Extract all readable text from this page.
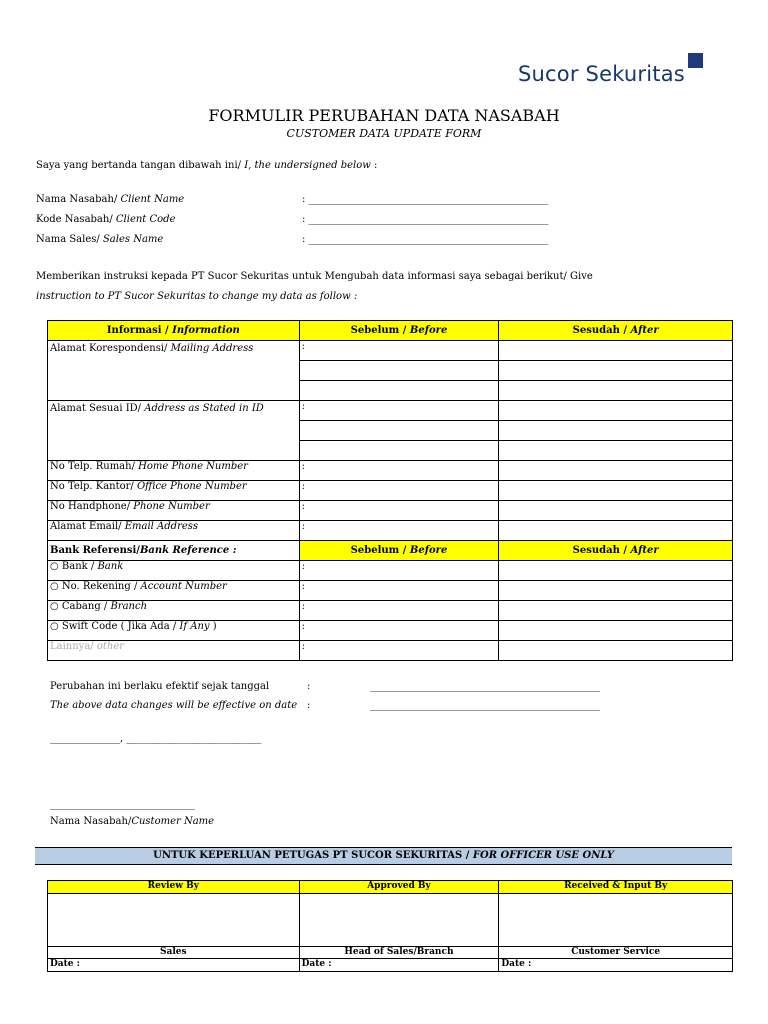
Sucor Sekuritas
FORMULIR PERUBAHAN DATA NASABAH
CUSTOMER DATA UPDATE FORM
Saya yang bertanda tangan dibawah ini/ I, the undersigned below :
Nama Nasabah/ Client Name	: ________________________________________________
Kode Nasabah/ Client Code	: ________________________________________________
Nama Sales/ Sales Name	: ________________________________________________
Memberikan instruksi kepada PT Sucor Sekuritas untuk Mengubah data informasi saya sebagai berikut/ Give
instruction to PT Sucor Sekuritas to change my data as follow :
Informasi / Information	Sebelum / Before	Sesudah / After
Alamat Korespondensi/ Mailing Address	:	

Alamat Sesuai ID/ Address as Stated in ID	:	

No Telp. Rumah/ Home Phone Number	:	
No Telp. Kantor/ Office Phone Number	:	
No Handphone/ Phone Number	:	
Alamat Email/ Email Address	:	
Bank Referensi/Bank Reference :	Sebelum / Before	Sesudah / After
○ Bank / Bank	:	
○ No. Rekening / Account Number	:	
○ Cabang / Branch	:	
○ Swift Code ( Jika Ada / If Any )	:	
Lainnya/ other	:	
Perubahan ini berlaku efektif sejak tanggal	:	______________________________________________
The above data changes will be effective on date :	______________________________________________
______________, ___________________________
_____________________________
Nama Nasabah/Customer Name
UNTUK KEPERLUAN PETUGAS PT SUCOR SEKURITAS / FOR OFFICER USE ONLY
Review By	Approved By	Received & Input By

Sales	Head of Sales/Branch	Customer Service
Date :	Date :	Date :
